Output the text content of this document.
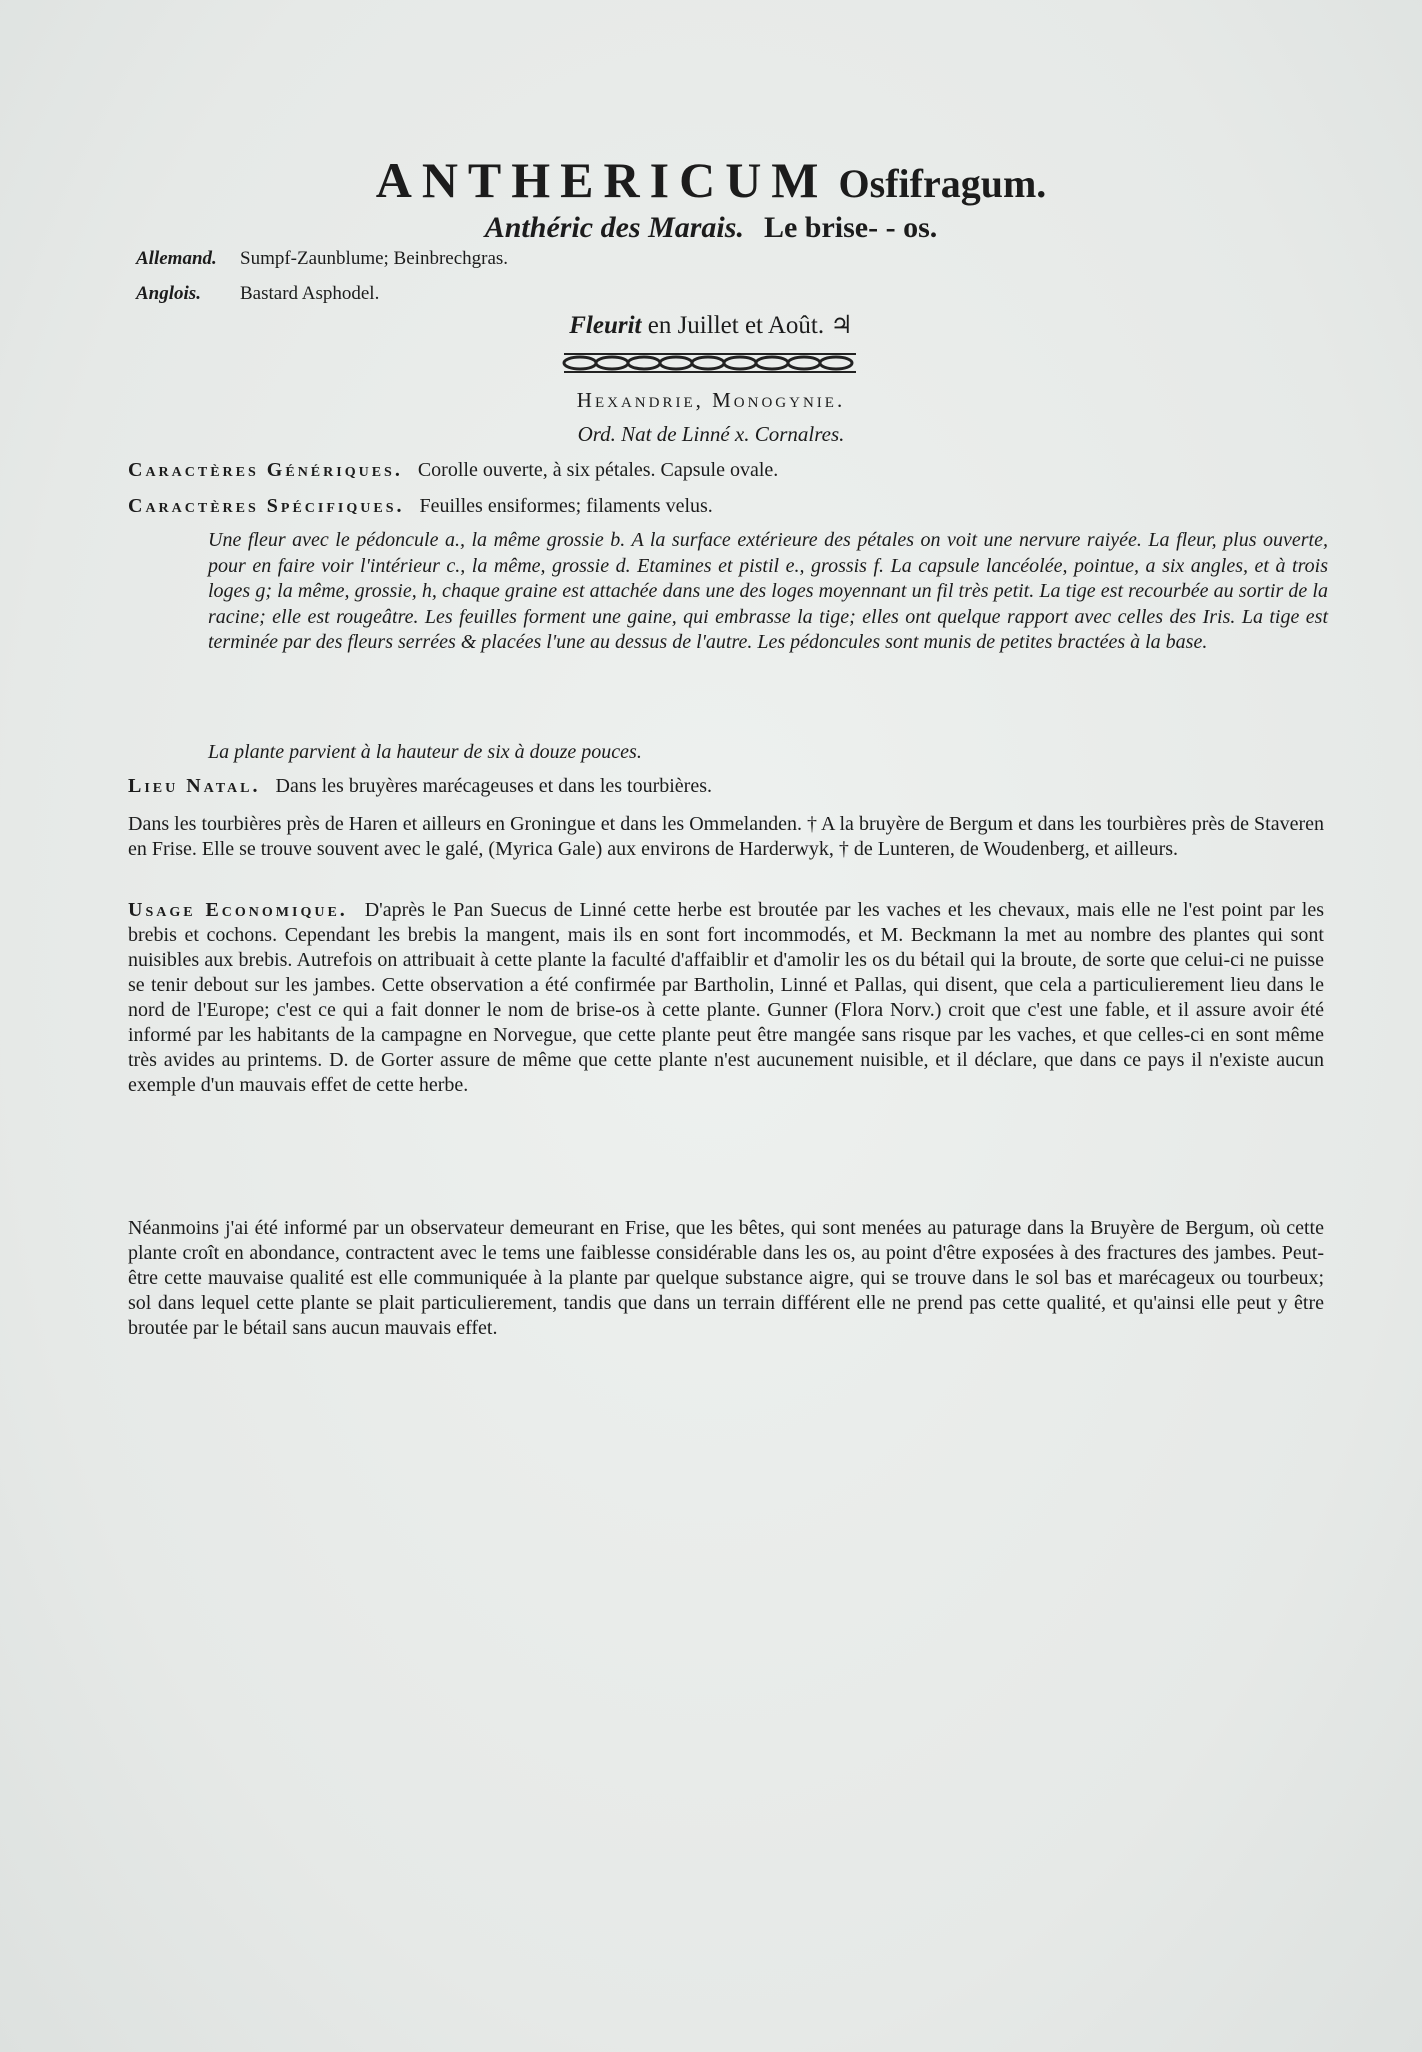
ANTHERICUM Osfifragum.
Anthéric des Marais. Le brise- - os.
Allemand. Sumpf-Zaunblume; Beinbrechgras.
Anglois. Bastard Asphodel.
Fleurit en Juillet et Août. ♃
Hexandrie, Monogynie.
Ord. Nat de Linné x. Cornalres.
Caractères Génériques. Corolle ouverte, à six pétales. Capsule ovale.
Caractères Spécifiques. Feuilles ensiformes; filaments velus.
Une fleur avec le pédoncule a., la même grossie b. A la surface extérieure des pétales on voit une nervure raiyée. La fleur, plus ouverte, pour en faire voir l'intérieur c., la même, grossie d. Etamines et pistil e., grossis f. La capsule lancéolée, pointue, a six angles, et à trois loges g; la même, grossie, h, chaque graine est attachée dans une des loges moyennant un fil très petit. La tige est recourbée au sortir de la racine; elle est rougeâtre. Les feuilles forment une gaine, qui embrasse la tige; elles ont quelque rapport avec celles des Iris. La tige est terminée par des fleurs serrées & placées l'une au dessus de l'autre. Les pédoncules sont munis de petites bractées à la base.
La plante parvient à la hauteur de six à douze pouces.
Lieu Natal. Dans les bruyères marécageuses et dans les tourbières.
Dans les tourbières près de Haren et ailleurs en Groningue et dans les Ommelanden. † A la bruyère de Bergum et dans les tourbières près de Staveren en Frise. Elle se trouve souvent avec le galé, (Myrica Gale) aux environs de Harderwyk, † de Lunteren, de Woudenberg, et ailleurs.
Usage Economique. D'après le Pan Suecus de Linné cette herbe est broutée par les vaches et les chevaux, mais elle ne l'est point par les brebis et cochons. Cependant les brebis la mangent, mais ils en sont fort incommodés, et M. Beckmann la met au nombre des plantes qui sont nuisibles aux brebis. Autrefois on attribuait à cette plante la faculté d'affaiblir et d'amolir les os du bétail qui la broute, de sorte que celui-ci ne puisse se tenir debout sur les jambes. Cette observation a été confirmée par Bartholin, Linné et Pallas, qui disent, que cela a particulierement lieu dans le nord de l'Europe; c'est ce qui a fait donner le nom de brise-os à cette plante. Gunner (Flora Norv.) croit que c'est une fable, et il assure avoir été informé par les habitants de la campagne en Norvegue, que cette plante peut être mangée sans risque par les vaches, et que celles-ci en sont même très avides au printems. D. de Gorter assure de même que cette plante n'est aucunement nuisible, et il déclare, que dans ce pays il n'existe aucun exemple d'un mauvais effet de cette herbe.
Néanmoins j'ai été informé par un observateur demeurant en Frise, que les bêtes, qui sont menées au paturage dans la Bruyère de Bergum, où cette plante croît en abondance, contractent avec le tems une faiblesse considérable dans les os, au point d'être exposées à des fractures des jambes. Peut-être cette mauvaise qualité est elle communiquée à la plante par quelque substance aigre, qui se trouve dans le sol bas et marécageux ou tourbeux; sol dans lequel cette plante se plait particulierement, tandis que dans un terrain différent elle ne prend pas cette qualité, et qu'ainsi elle peut y être broutée par le bétail sans aucun mauvais effet.
